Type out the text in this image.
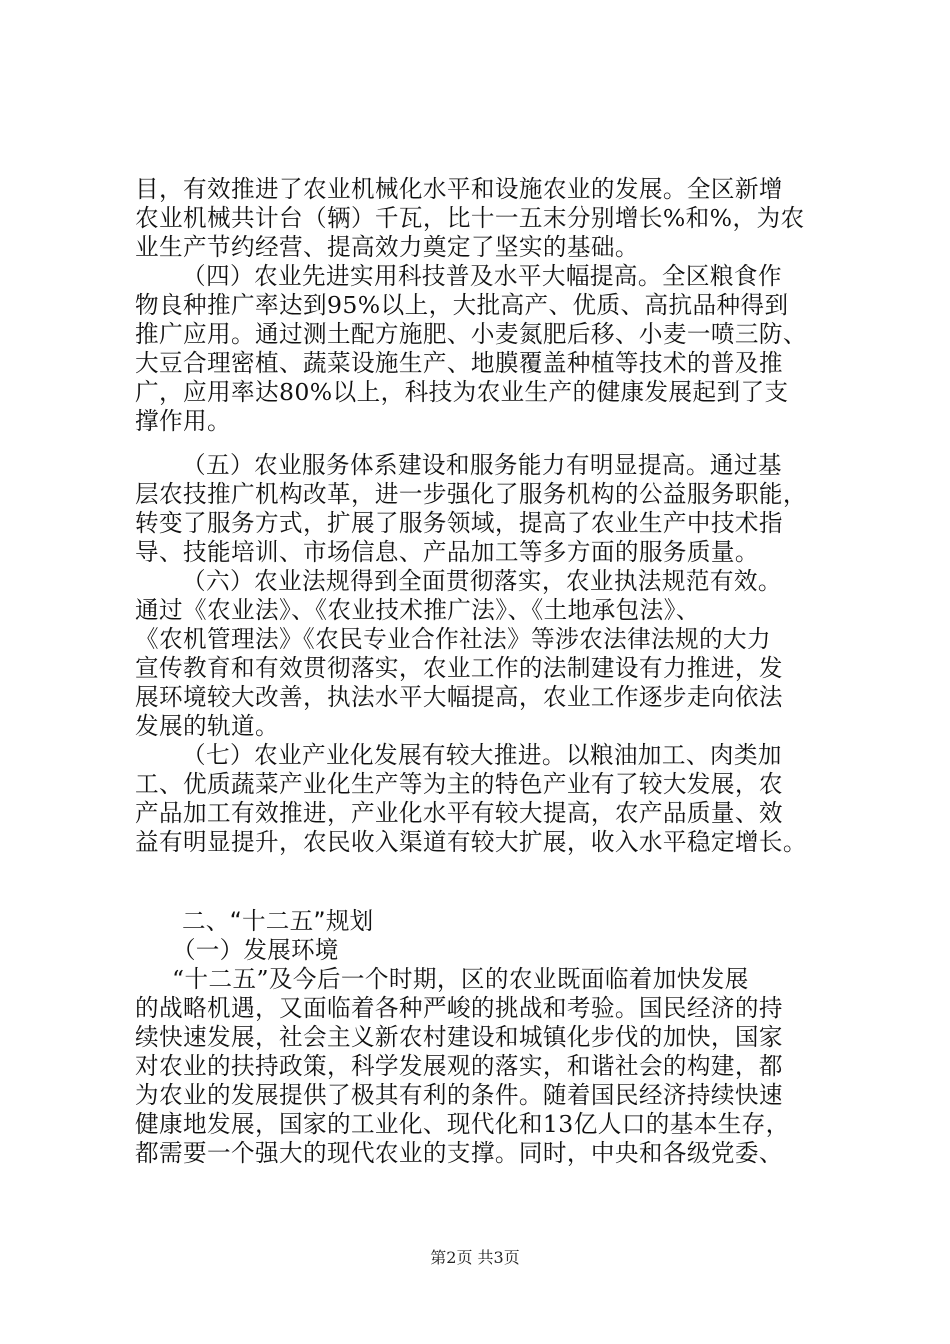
目，有效推进了农业机械化水平和设施农业的发展。全区新增
农业机械共计台（辆）千瓦，比十一五末分别增长%和%，为农
业生产节约经营、提高效力奠定了坚实的基础。
（四）农业先进实用科技普及水平大幅提高。全区粮食作
物良种推广率达到95%以上，大批高产、优质、高抗品种得到
推广应用。通过测土配方施肥、小麦氮肥后移、小麦一喷三防、
大豆合理密植、蔬菜设施生产、地膜覆盖种植等技术的普及推
广，应用率达80%以上，科技为农业生产的健康发展起到了支
撑作用。
（五）农业服务体系建设和服务能力有明显提高。通过基
层农技推广机构改革，进一步强化了服务机构的公益服务职能，
转变了服务方式，扩展了服务领域，提高了农业生产中技术指
导、技能培训、市场信息、产品加工等多方面的服务质量。
（六）农业法规得到全面贯彻落实，农业执法规范有效。
通过《农业法》、《农业技术推广法》、《土地承包法》、
《农机管理法》《农民专业合作社法》等涉农法律法规的大力
宣传教育和有效贯彻落实，农业工作的法制建设有力推进，发
展环境较大改善，执法水平大幅提高，农业工作逐步走向依法
发展的轨道。
（七）农业产业化发展有较大推进。以粮油加工、肉类加
工、优质蔬菜产业化生产等为主的特色产业有了较大发展，农
产品加工有效推进，产业化水平有较大提高，农产品质量、效
益有明显提升，农民收入渠道有较大扩展，收入水平稳定增长。
二、“十二五”规划
（一）发展环境
“十二五”及今后一个时期，区的农业既面临着加快发展
的战略机遇，又面临着各种严峻的挑战和考验。国民经济的持
续快速发展，社会主义新农村建设和城镇化步伐的加快，国家
对农业的扶持政策，科学发展观的落实，和谐社会的构建，都
为农业的发展提供了极其有利的条件。随着国民经济持续快速
健康地发展，国家的工业化、现代化和13亿人口的基本生存，
都需要一个强大的现代农业的支撑。同时，中央和各级党委、
第2页 共3页
